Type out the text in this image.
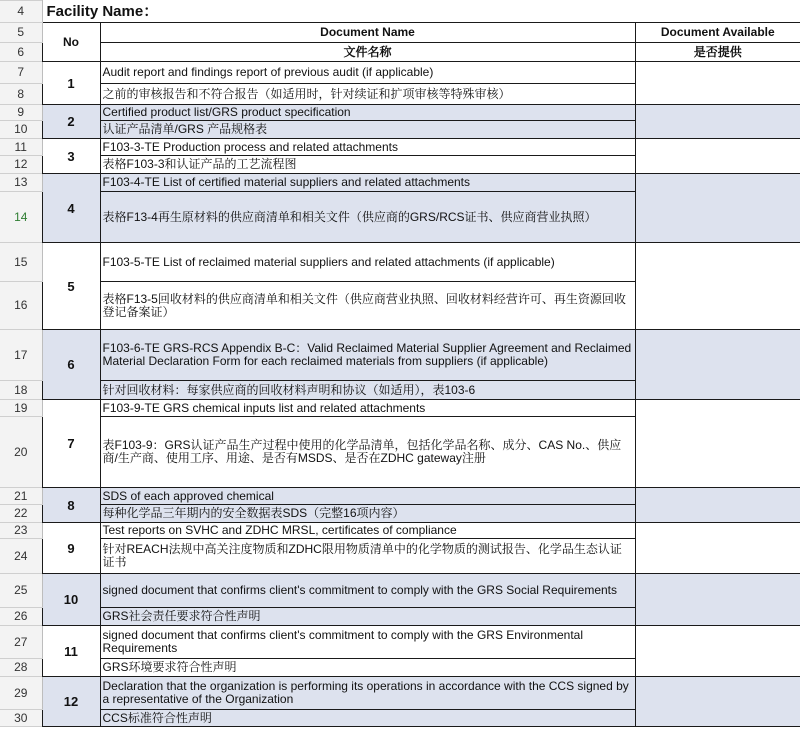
4	Facility Name：		
5	No	Document Name	Document Available
6		文件名称	是否提供
7	1	Audit report and findings report of previous audit (if applicable)	
8		之前的审核报告和不符合报告（如适用时，针对续证和扩项审核等特殊审核）	
9	2	Certified product list/GRS product specification	
10		认证产品清单/GRS 产品规格表	
11	3	F103-3-TE Production process and related attachments	
12		表格F103-3和认证产品的工艺流程图	
13	4	F103-4-TE List of certified material suppliers and related attachments	
14		表格F13-4再生原材料的供应商清单和相关文件（供应商的GRS/RCS证书、供应商营业执照）	
15	5	F103-5-TE List of reclaimed material suppliers and related attachments (if applicable)	
16		表格F13-5回收材料的供应商清单和相关文件（供应商营业执照、回收材料经营许可、再生资源回收登记备案证）	
17	6	F103-6-TE GRS-RCS Appendix B-C：Valid Reclaimed Material Supplier Agreement and Reclaimed Material Declaration Form for each reclaimed materials from suppliers (if applicable)	
18		针对回收材料：每家供应商的回收材料声明和协议（如适用），表103-6	
19	7	F103-9-TE GRS chemical inputs list and related attachments	
20		表F103-9：GRS认证产品生产过程中使用的化学品清单，包括化学品名称、成分、CAS No.、供应商/生产商、使用工序、用途、是否有MSDS、是否在ZDHC gateway注册	
21	8	SDS of each approved chemical	
22		每种化学品三年期内的安全数据表SDS（完整16项内容）	
23	9	Test reports on SVHC and ZDHC MRSL, certificates of compliance	
24		针对REACH法规中高关注度物质和ZDHC限用物质清单中的化学物质的测试报告、化学品生态认证证书	
25	10	signed document that confirms client's commitment to comply with the GRS Social Requirements	
26		GRS社会责任要求符合性声明	
27	11	signed document that confirms client's commitment to comply with the GRS Environmental Requirements	
28		GRS环境要求符合性声明	
29	12	Declaration that the organization is performing its operations in accordance with the CCS signed by a representative of the Organization	
30		CCS标准符合性声明	
